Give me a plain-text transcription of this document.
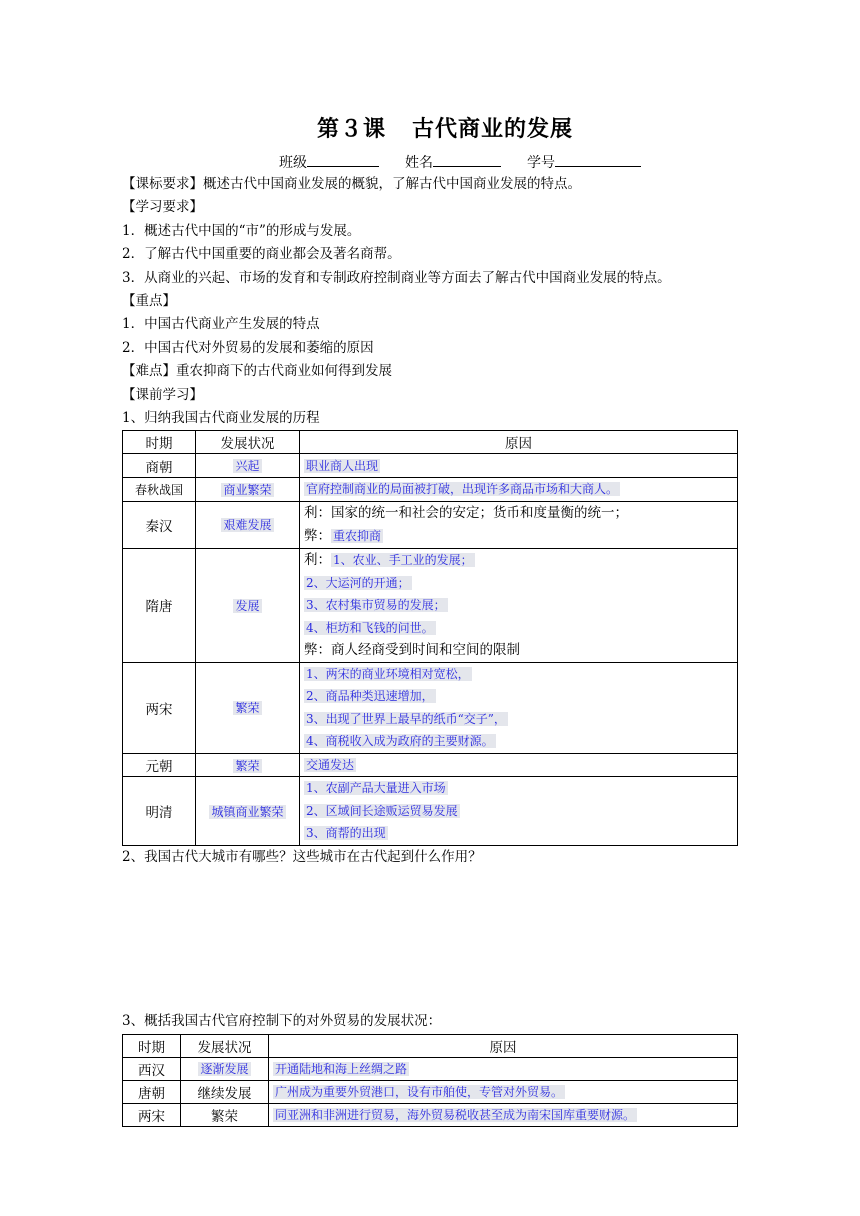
第３课 古代商业的发展
班级	姓名	学号
【课标要求】概述古代中国商业发展的概貌，了解古代中国商业发展的特点。
【学习要求】
1．概述古代中国的“市”的形成与发展。
2．了解古代中国重要的商业都会及著名商帮。
3．从商业的兴起、市场的发育和专制政府控制商业等方面去了解古代中国商业发展的特点。
【重点】
1．中国古代商业产生发展的特点
2．中国古代对外贸易的发展和萎缩的原因
【难点】重农抑商下的古代商业如何得到发展
【课前学习】
1、归纳我国古代商业发展的历程
时期	发展状况	原因
商朝	兴起	职业商人出现

春秋战国	商业繁荣	官府控制商业的局面被打破，出现许多商品市场和大商人。

秦汉	艰难发展	利：国家的统一和社会的安定；货币和度量衡的统一；
弊： 重农抑商

隋唐	发展	利： 1、农业、手工业的发展；
2、大运河的开通；
3、农村集市贸易的发展；
4、柜坊和飞钱的问世。
弊：商人经商受到时间和空间的限制

两宋	繁荣	1、两宋的商业环境相对宽松，
2、商品种类迅速增加，
3、出现了世界上最早的纸币“交子”，
4、商税收入成为政府的主要财源。

元朝	繁荣	交通发达

明清	城镇商业繁荣	1、农副产品大量进入市场
2、区域间长途贩运贸易发展
3、商帮的出现
2、我国古代大城市有哪些？这些城市在古代起到什么作用？
3、概括我国古代官府控制下的对外贸易的发展状况：
时期	发展状况	原因
西汉	逐渐发展	开通陆地和海上丝绸之路
唐朝	继续发展	广州成为重要外贸港口，设有市舶使，专管对外贸易。
两宋	繁荣	同亚洲和非洲进行贸易，海外贸易税收甚至成为南宋国库重要财源。
